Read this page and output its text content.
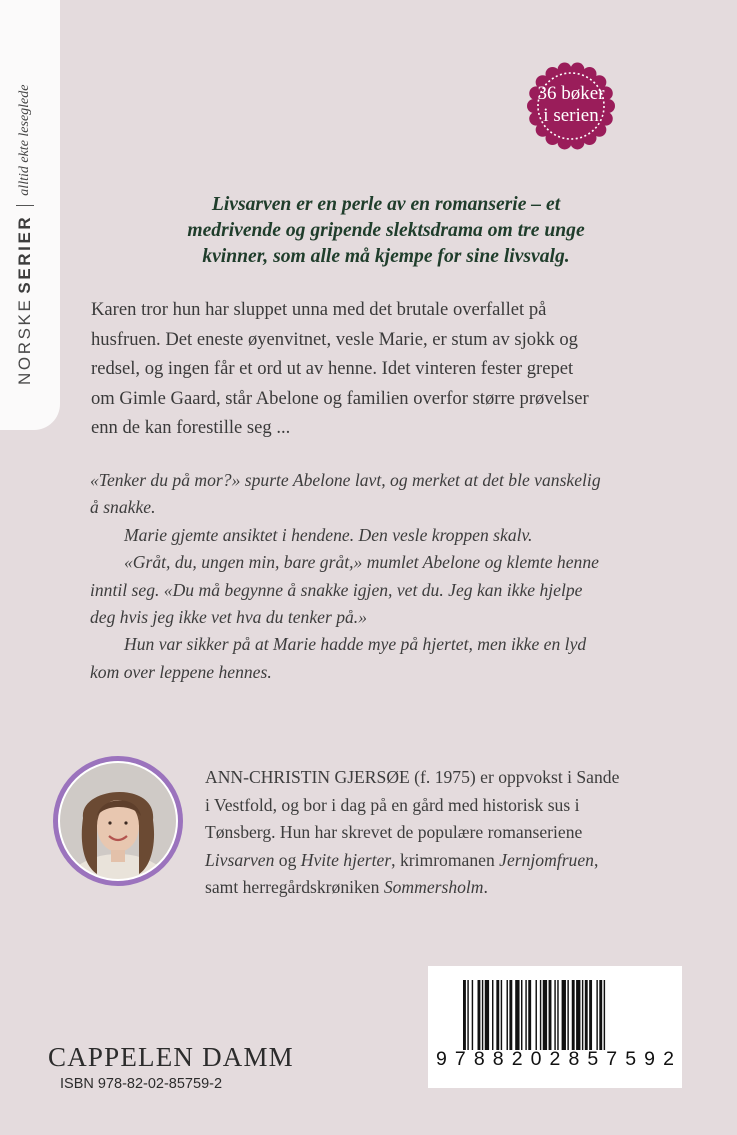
NORSKE
SERIER
alltid ekte leseglede	36 bøker
i serien
Livsarven er en perle av en romanserie – et
medrivende og gripende slektsdrama om tre unge
kvinner, som alle må kjempe for sine livsvalg.

Karen tror hun har sluppet unna med det brutale overfallet på

husfruen. Det eneste øyenvitnet, vesle Marie, er stum av sjokk og

redsel, og ingen får et ord ut av henne. Idet vinteren fester grepet

om Gimle Gaard, står Abelone og familien overfor større prøvelser

enn de kan forestille seg ...

«Tenker du på mor?» spurte Abelone lavt, og merket at det ble vanskelig

å snakke.

Marie gjemte ansiktet i hendene. Den vesle kroppen skalv.

«Gråt, du, ungen min, bare gråt,» mumlet Abelone og klemte henne

inntil seg. «Du må begynne å snakke igjen, vet du. Jeg kan ikke hjelpe

deg hvis jeg ikke vet hva du tenker på.»

Hun var sikker på at Marie hadde mye på hjertet, men ikke en lyd

kom over leppene hennes.

ANN-CHRISTIN GJERSØE (f. 1975) er oppvokst i Sande

i Vestfold, og bor i dag på en gård med historisk sus i

Tønsberg. Hun har skrevet de populære romanseriene

Livsarven og Hvite hjerter, krimromanen Jernjomfruen,

samt herregårdskrøniken Sommersholm.

9 7 8 8 2 0 2 8 5 7 5 9 2
CAPPELEN DAMM
ISBN 978-82-02-85759-2
